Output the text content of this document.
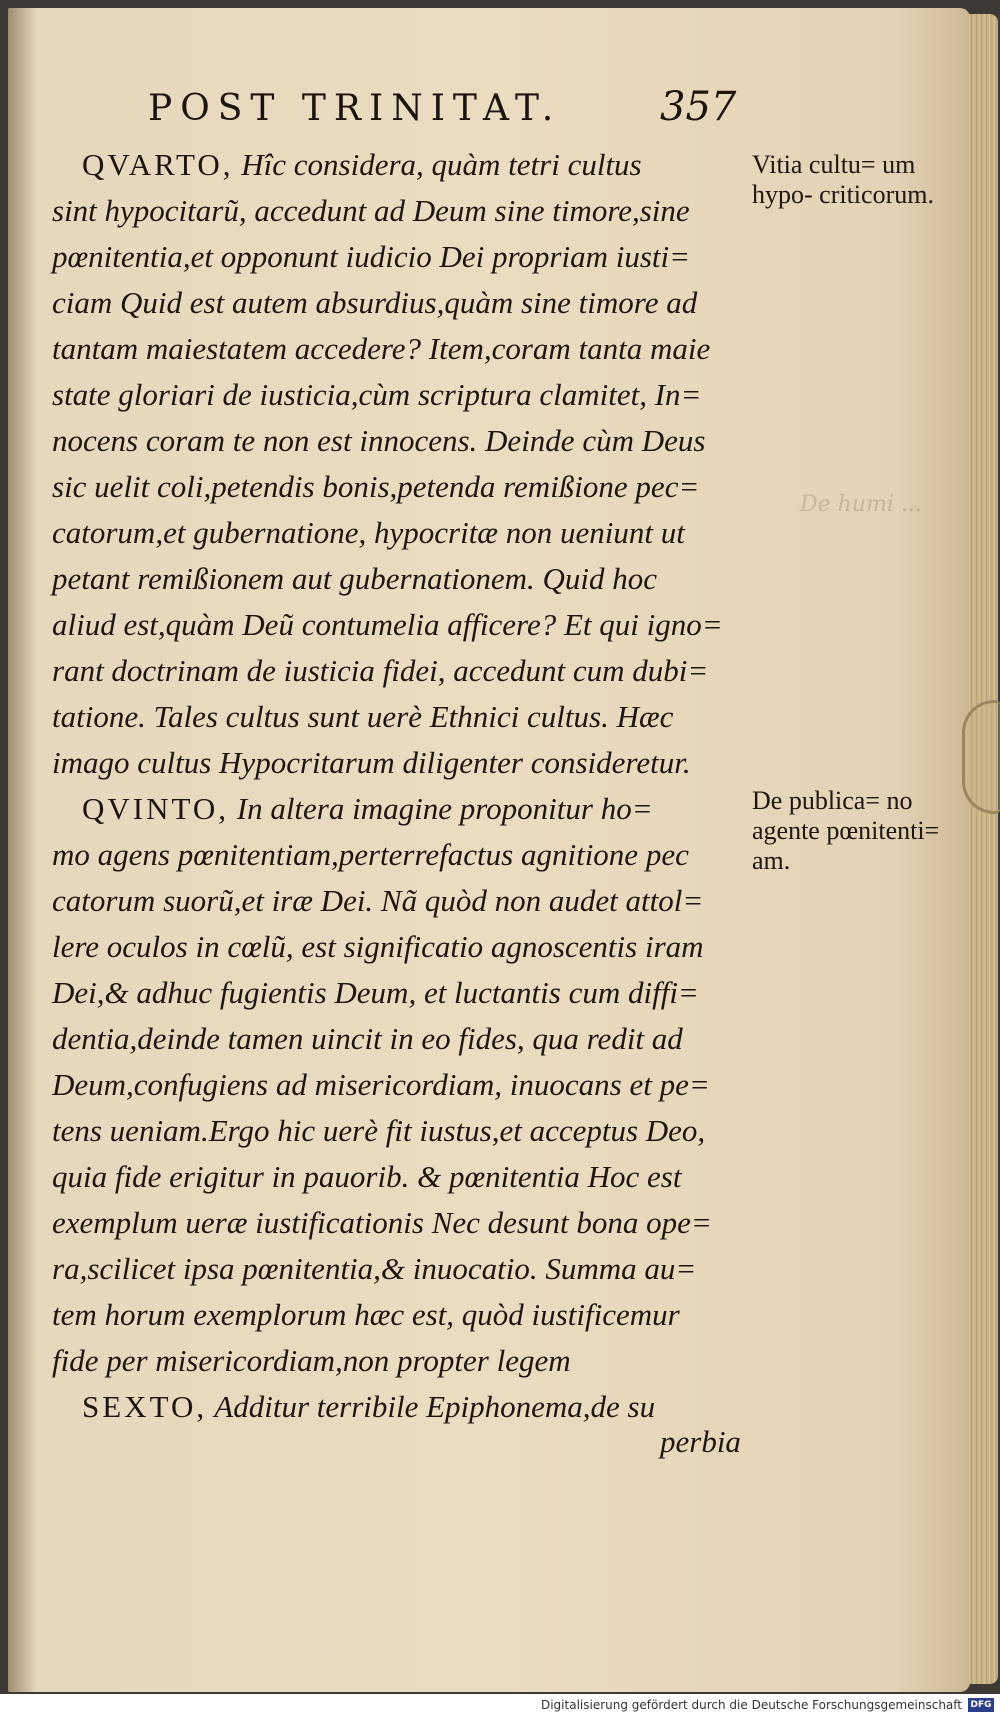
De humi ...
POST TRINITAT. 357

QVARTO, Hîc considera, quàm tetri cultus
sint hypocitarũ, accedunt ad Deum sine timore,sine
pœnitentia,et opponunt iudicio Dei propriam iusti=
ciam Quid est autem absurdius,quàm sine timore ad
tantam maiestatem accedere? Item,coram tanta maie
state gloriari de iusticia,cùm scriptura clamitet, In=
nocens coram te non est innocens. Deinde cùm Deus
sic uelit coli,petendis bonis,petenda remißione pec=
catorum,et gubernatione, hypocritæ non ueniunt ut
petant remißionem aut gubernationem. Quid hoc
aliud est,quàm Deũ contumelia afficere? Et qui igno=
rant doctrinam de iusticia fidei, accedunt cum dubi=
tatione. Tales cultus sunt uerè Ethnici cultus. Hæc
imago cultus Hypocritarum diligenter consideretur.

QVINTO, In altera imagine proponitur ho=
mo agens pœnitentiam,perterrefactus agnitione pec
catorum suorũ,et iræ Dei. Nã quòd non audet attol=
lere oculos in cœlũ, est significatio agnoscentis iram
Dei,& adhuc fugientis Deum, et luctantis cum diffi=
dentia,deinde tamen uincit in eo fides, qua redit ad
Deum,confugiens ad misericordiam, inuocans et pe=
tens ueniam.Ergo hic uerè fit iustus,et acceptus Deo,
quia fide erigitur in pauorib. & pœnitentia Hoc est
exemplum ueræ iustificationis Nec desunt bona ope=
ra,scilicet ipsa pœnitentia,& inuocatio. Summa au=
tem horum exemplorum hæc est, quòd iustificemur
fide per misericordiam,non propter legem

SEXTO, Additur terribile Epiphonema,de su

perbia
Vitia cultu= um hypo- criticorum.
De publica= no agente pœnitenti= am.
Digitalisierung gefördert durch die Deutsche Forschungsgemeinschaft DFG
